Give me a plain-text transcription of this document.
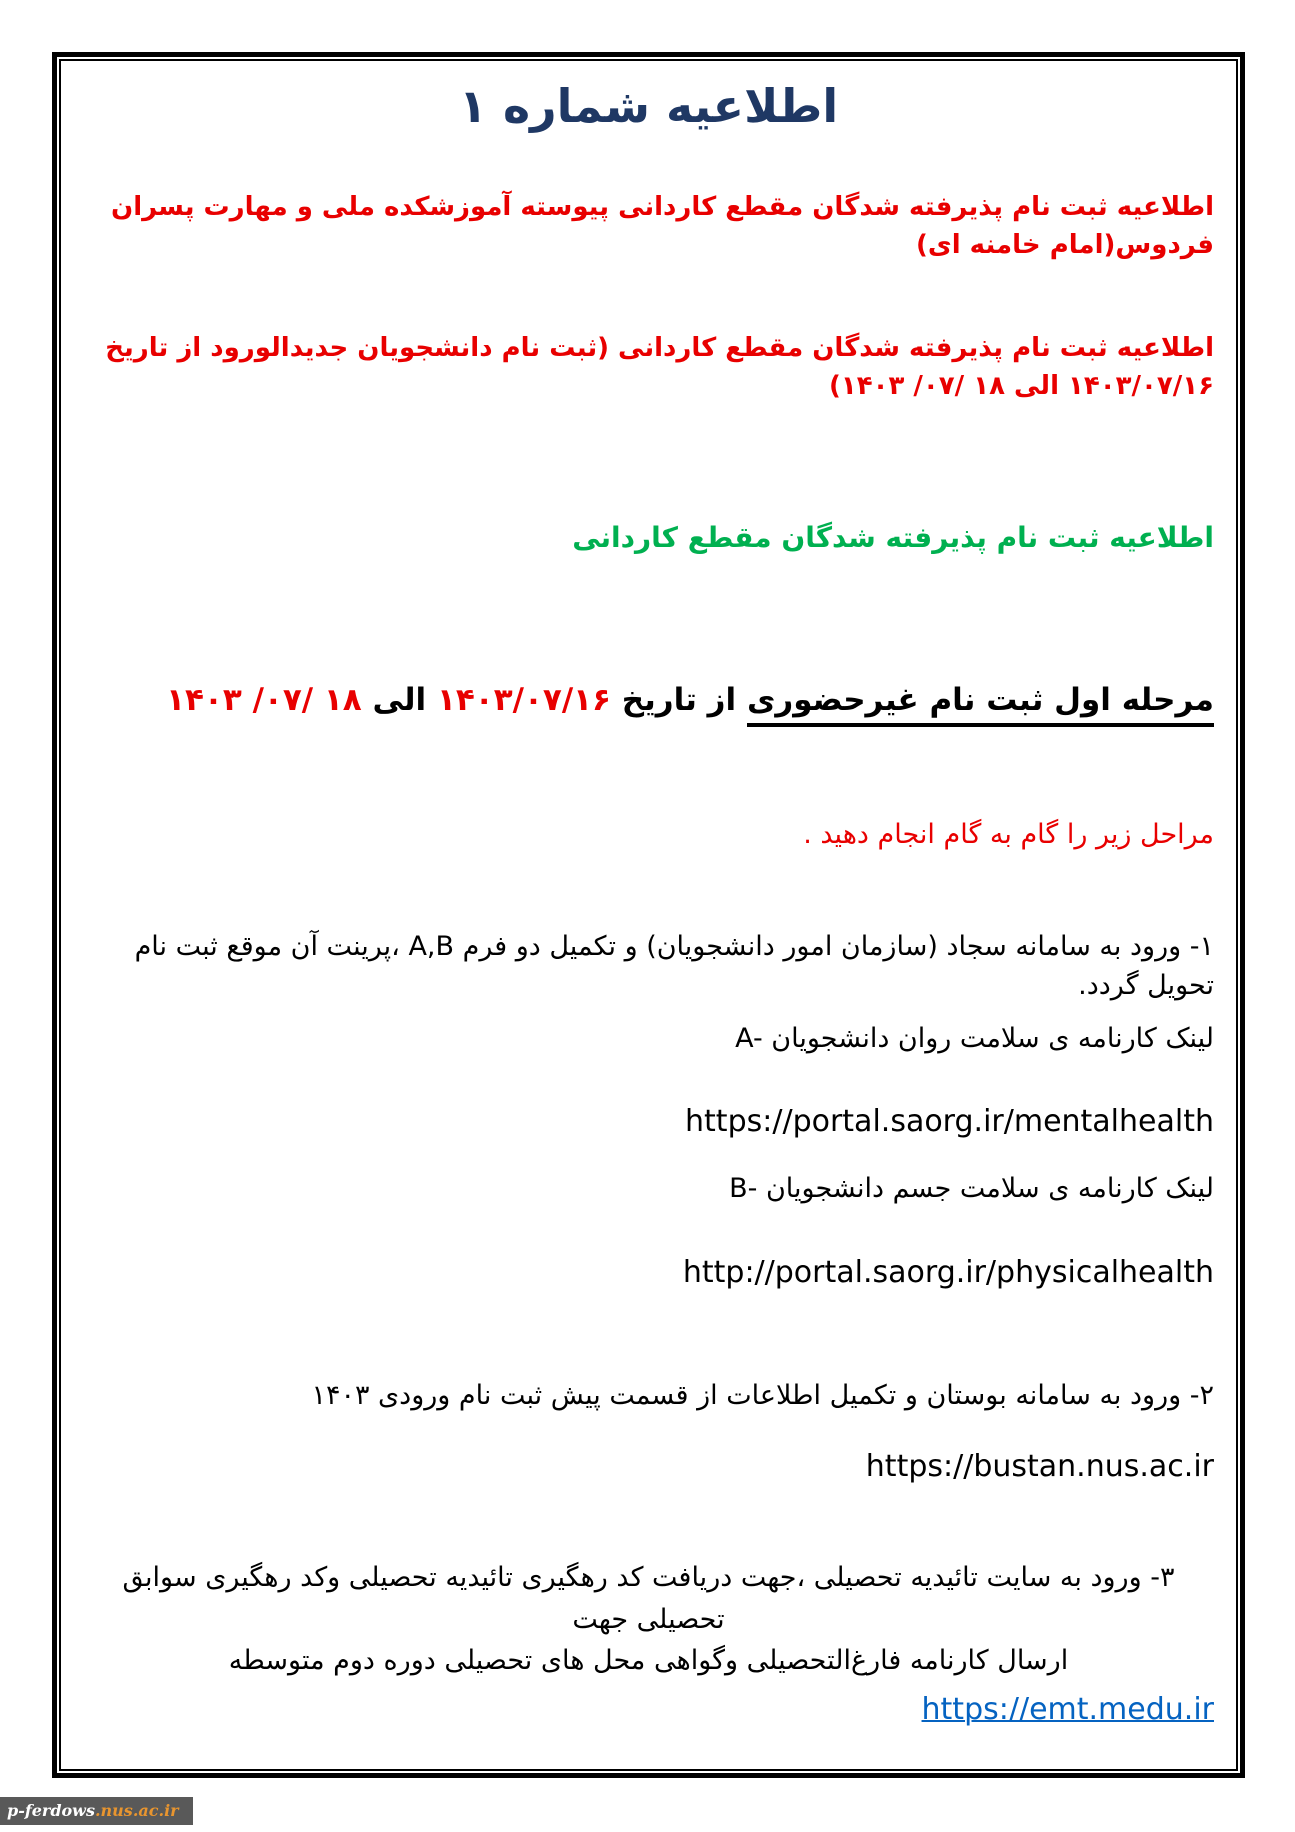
اطلاعیه شماره ۱

اطلاعیه ثبت نام پذیرفته شدگان مقطع کاردانی پیوسته آموزشکده ملی و مهارت پسران فردوس(امام خامنه ای)

اطلاعیه ثبت نام پذیرفته شدگان مقطع کاردانی (ثبت نام دانشجویان جدیدالورود از تاریخ ۱۴۰۳/۰۷/۱۶ الی ۱۸ /۰۷/ ۱۴۰۳)

اطلاعیه ثبت نام پذیرفته شدگان مقطع کاردانی

مرحله اول ثبت نام غیرحضوری از تاریخ ۱۴۰۳/۰۷/۱۶ الی ۱۸ /۰۷/ ۱۴۰۳

مراحل زیر را گام به گام انجام دهید .

۱- ورود به سامانه سجاد (سازمان امور دانشجویان) و تکمیل دو فرم A,B ،پرینت آن موقع ثبت نام تحویل گردد.

A- لینک کارنامه ی سلامت روان دانشجویان

https://portal.saorg.ir/mentalhealth

B- لینک کارنامه ی سلامت جسم دانشجویان

http://portal.saorg.ir/physicalhealth

۲- ورود به سامانه بوستان و تکمیل اطلاعات از قسمت پیش ثبت نام ورودی ۱۴۰۳

https://bustan.nus.ac.ir

۳- ورود به سایت تائیدیه تحصیلی ،جهت دریافت کد رهگیری تائیدیه تحصیلی وکد رهگیری سوابق تحصیلی جهت
ارسال کارنامه فارغ‌التحصیلی وگواهی محل های تحصیلی دوره دوم متوسطه

https://emt.medu.ir

p-ferdows .nus.ac.ir
